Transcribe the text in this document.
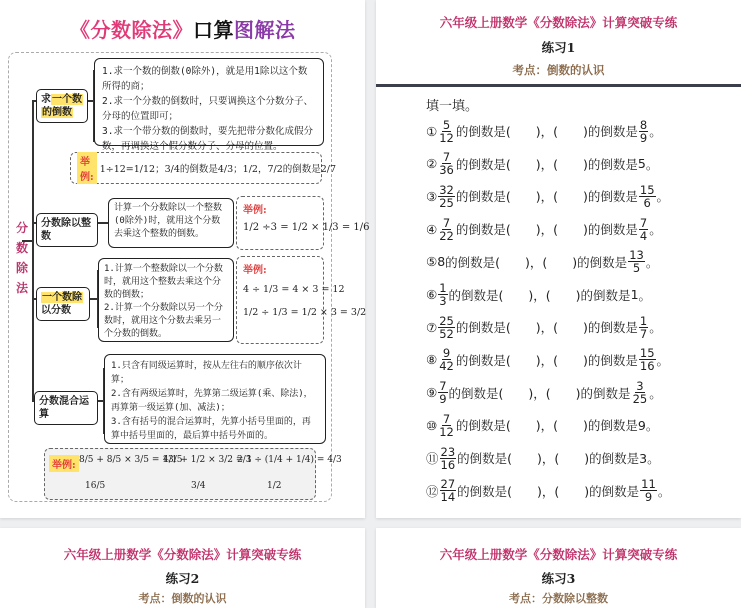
《分数除法》口算图解法
分数除法
求一个数
的倒数
1.求一个数的倒数(0除外)，就是用1除以这个数所得的商；
2.求一个分数的倒数时，只要调换这个分数分子、分母的位置即可；
3.求一个带分数的倒数时，要先把带分数化成假分数，再调换这个假分数分子、分母的位置。
举例:
1÷12=1/12；3/4的倒数是4/3；1/2，7/2的倒数是2/7
分数除以整数
计算一个分数除以一个整数(0除外)时，就用这个分数去乘这个整数的倒数。
举例:
1/2 ÷3 = 1/2 × 1/3 = 1/6
一个数除
以分数
1.计算一个整数除以一个分数时，就用这个整数去乘这个分数的倒数；
2.计算一个分数除以另一个分数时，就用这个分数去乘另一个分数的倒数。
举例:
4 ÷ 1/3 = 4 × 3 = 12
1/2 ÷ 1/3 = 1/2 × 3 = 3/2
分数混合运算
1.只含有同级运算时，按从左往右的顺序依次计算；
2.含有两级运算时，先算第二级运算(乘、除法)，再算第一级运算(加、减法)；
3.含有括号的混合运算时，先算小括号里面的，再算中括号里面的，最后算中括号外面的。
举例: 8/5 + 8/5 × 3/5 = 13/5
4/1 + 1/2 × 3/2 = 1
2/3 ÷ (1/4 + 1/4) = 4/3
16/5	3/4	1/2
六年级上册数学《分数除法》计算突破专练
练习1
考点：倒数的认识
填一填。
① $\frac{5}{12}$ 的倒数是(　　)，(　　)的倒数是 $\frac{8}{9}$ 。
② $\frac{7}{36}$ 的倒数是(　　)，(　　)的倒数是 5 。
③ $\frac{32}{25}$ 的倒数是(　　)，(　　)的倒数是 $\frac{15}{6}$ 。
④ $\frac{7}{22}$ 的倒数是(　　)，(　　)的倒数是 $\frac{7}{4}$ 。
⑤ 8 的倒数是(　　)，(　　)的倒数是 $\frac{13}{5}$ 。
⑥ $\frac{1}{3}$ 的倒数是(　　)，(　　)的倒数是 1 。
⑦ $\frac{25}{52}$ 的倒数是(　　)，(　　)的倒数是 $\frac{1}{7}$ 。
⑧ $\frac{9}{42}$ 的倒数是(　　)，(　　)的倒数是 $\frac{15}{16}$ 。
⑨ $\frac{7}{9}$ 的倒数是(　　)，(　　)的倒数是 $\frac{3}{25}$ 。
⑩ $\frac{7}{12}$ 的倒数是(　　)，(　　)的倒数是 9 。
⑪ $\frac{23}{16}$ 的倒数是(　　)，(　　)的倒数是 3 。
⑫ $\frac{27}{14}$ 的倒数是(　　)，(　　)的倒数是 $\frac{11}{9}$ 。
六年级上册数学《分数除法》计算突破专练
练习2
考点：倒数的认识
六年级上册数学《分数除法》计算突破专练
练习3
考点：分数除以整数
